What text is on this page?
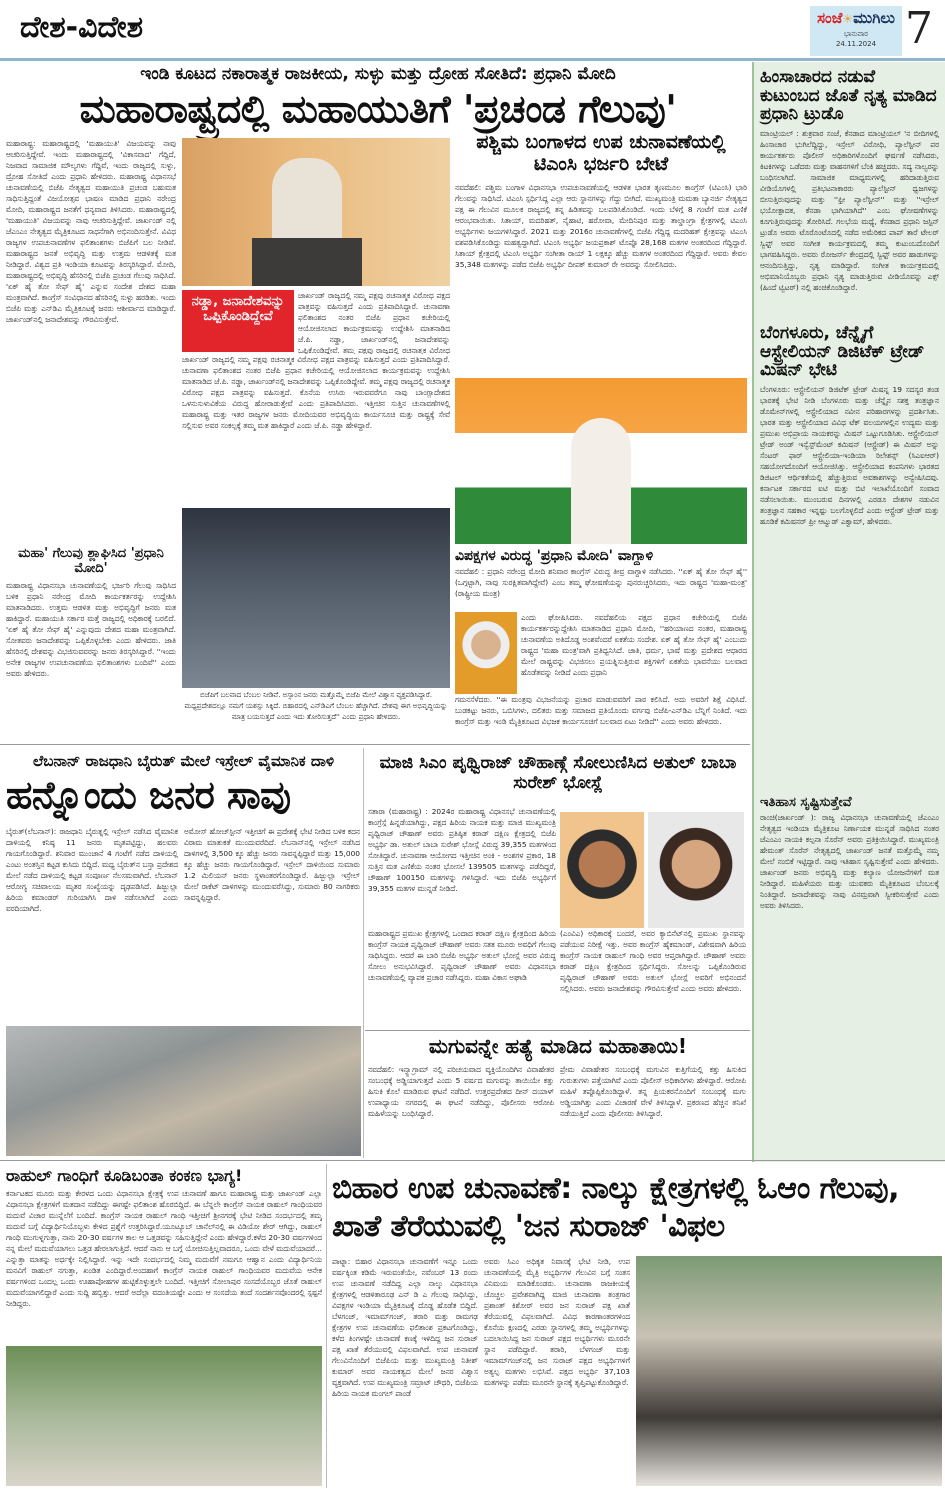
ದೇಶ-ವಿದೇಶ	ಸಂಜೆ☀ಮುಗಿಲು
ಭಾನುವಾರ
24.11.2024 7
ಇಂಡಿ ಕೂಟದ ನಕಾರಾತ್ಮಕ ರಾಜಕೀಯ, ಸುಳ್ಳು ಮತ್ತು ದ್ರೋಹ ಸೋತಿದೆ: ಪ್ರಧಾನಿ ಮೋದಿ
ಮಹಾರಾಷ್ಟ್ರದಲ್ಲಿ ಮಹಾಯುತಿಗೆ 'ಪ್ರಚಂಡ ಗೆಲುವು'
ಮಹಾರಾಷ್ಟ್ರ: ಮಹಾರಾಷ್ಟ್ರದಲ್ಲಿ 'ಮಹಾಯುತಿ' ವಿಜಯವನ್ನು ನಾವು ಆಚರಿಸುತ್ತಿದ್ದೇವೆ. ಇಂದು ಮಹಾರಾಷ್ಟ್ರದಲ್ಲಿ 'ವಿಕಾಸವಾದ' ಗೆದ್ದಿದೆ, ನಿಜವಾದ ಸಾಮಾಜಿಕ ಮೌಲ್ಯಗಳು ಗೆದ್ದಿವೆ, ಇಂದು ರಾಜ್ಯದಲ್ಲಿ ಸುಳ್ಳು, ದ್ರೋಹ ಸೋತಿದೆ ಎಂದು ಪ್ರಧಾನಿ ಹೇಳಿದರು. ಮಹಾರಾಷ್ಟ್ರ ವಿಧಾನಸಭೆ ಚುನಾವಣೆಯಲ್ಲಿ ಬಿಜೆಪಿ ನೇತೃತ್ವದ ಮಹಾಯುತಿ ಪ್ರಚಂಡ ಬಹುಮತ ಸಾಧಿಸುತ್ತಿದ್ದಂತೆ ವಿಜಯೋತ್ಸವ ಭಾಷಣ ಮಾಡಿದ ಪ್ರಧಾನಿ ನರೇಂದ್ರ ಮೋದಿ, ಮಹಾರಾಷ್ಟ್ರದ ಜನತೆಗೆ ಧನ್ಯವಾದ ತಿಳಿಸಿದರು. ಮಹಾರಾಷ್ಟ್ರದಲ್ಲಿ 'ಮಹಾಯುತಿ' ವಿಜಯವನ್ನು ನಾವು ಆಚರಿಸುತ್ತಿದ್ದೇವೆ. ಜಾರ್ಖಂಡ್ ನಲ್ಲಿ ಜೆಎಂಎಂ ನೇತೃತ್ವದ ಮೈತ್ರಿಕೂಟದ ಸಾಧನೆಗಾಗಿ ಅಭಿನಂದಿಸುತ್ತೇನೆ. ವಿವಿಧ ರಾಜ್ಯಗಳ ಉಪಚುನಾವಣೆಗಳ ಫಲಿತಾಂಶಗಳು ಬಿಜೆಪಿಗೆ ಬಲ ನೀಡಿವೆ. ಮಹಾರಾಷ್ಟ್ರದ ಜನತೆ ಅಭಿವೃದ್ಧಿ ಮತ್ತು ಉತ್ತಮ ಆಡಳಿತಕ್ಕೆ ಮತ ನೀಡಿದ್ದಾರೆ. ವಿಶ್ವದ ಪ್ರತಿ ಇಂಡಿಯಾ ಕೂಟವನ್ನು ತಿರಸ್ಕರಿಸಿದ್ದಾರೆ. ಮೋದಿ, ಮಹಾರಾಷ್ಟ್ರದಲ್ಲಿ ಅಭಿವೃದ್ಧಿ ಹೆಸರಿನಲ್ಲಿ ಬಿಜೆಪಿ ಪ್ರಚಂಡ ಗೆಲುವು ಸಾಧಿಸಿದೆ. 'ಏಕ್ ಹೈ ತೋ ಸೇಫ್ ಹೈ' ಎನ್ನುವ ಸಂದೇಶ ದೇಶದ ಮಹಾ ಮಂತ್ರವಾಗಿದೆ. ಕಾಂಗ್ರೆಸ್ ಸಂವಿಧಾನದ ಹೆಸರಿನಲ್ಲಿ ಸುಳ್ಳು ಹರಡಿತು. ಇಂದು ಬಿಜೆಪಿ ಮತ್ತು ಎನ್‌ಡಿಎ ಮೈತ್ರಿಕೂಟಕ್ಕೆ ಜನರು ಆಶೀರ್ವಾದ ಮಾಡಿದ್ದಾರೆ. ಜಾರ್ಖಂಡ್‌ನಲ್ಲಿ ಜನಾದೇಶವನ್ನು ಗೌರವಿಸುತ್ತೇವೆ.
ನಡ್ಡಾ, ಜನಾದೇಶವನ್ನು ಒಪ್ಪಿಕೊಂಡಿದ್ದೇವೆ
ಜಾರ್ಖಂಡ್ ರಾಜ್ಯದಲ್ಲಿ ನಮ್ಮ ಪಕ್ಷವು ರಚನಾತ್ಮಕ ವಿರೋಧ ಪಕ್ಷದ ಪಾತ್ರವನ್ನು ವಹಿಸುತ್ತದೆ ಎಂದು ಪ್ರತಿಪಾದಿಸಿದ್ದಾರೆ. ಚುನಾವಣಾ ಫಲಿತಾಂಶದ ನಂತರ ಬಿಜೆಪಿ ಪ್ರಧಾನ ಕಚೇರಿಯಲ್ಲಿ ಆಯೋಜಿಸಲಾದ ಕಾರ್ಯಕ್ರಮವನ್ನು ಉದ್ದೇಶಿಸಿ ಮಾತನಾಡಿದ ಜೆ.ಪಿ. ನಡ್ಡಾ, ಜಾರ್ಖಂಡ್‌ನಲ್ಲಿ ಜನಾದೇಶವನ್ನು ಒಪ್ಪಿಕೊಂಡಿದ್ದೇವೆ. ತಮ್ಮ ಪಕ್ಷವು ರಾಜ್ಯದಲ್ಲಿ ರಚನಾತ್ಮಕ ವಿರೋಧ
ಜಾರ್ಖಂಡ್ ರಾಜ್ಯದಲ್ಲಿ ನಮ್ಮ ಪಕ್ಷವು ರಚನಾತ್ಮಕ ವಿರೋಧ ಪಕ್ಷದ ಪಾತ್ರವನ್ನು ವಹಿಸುತ್ತದೆ ಎಂದು ಪ್ರತಿಪಾದಿಸಿದ್ದಾರೆ. ಚುನಾವಣಾ ಫಲಿತಾಂಶದ ನಂತರ ಬಿಜೆಪಿ ಪ್ರಧಾನ ಕಚೇರಿಯಲ್ಲಿ ಆಯೋಜಿಸಲಾದ ಕಾರ್ಯಕ್ರಮವನ್ನು ಉದ್ದೇಶಿಸಿ ಮಾತನಾಡಿದ ಜೆ.ಪಿ. ನಡ್ಡಾ, ಜಾರ್ಖಂಡ್‌ನಲ್ಲಿ ಜನಾದೇಶವನ್ನು ಒಪ್ಪಿಕೊಂಡಿದ್ದೇವೆ. ತಮ್ಮ ಪಕ್ಷವು ರಾಜ್ಯದಲ್ಲಿ ರಚನಾತ್ಮಕ ವಿರೋಧ ಪಕ್ಷದ ಪಾತ್ರವನ್ನು ವಹಿಸುತ್ತದೆ. ಕೊನೆಯ ಉಸಿರು ಇರುವವರೆಗೂ ನಾವು ಬಾಂಗ್ಲಾದೇಶದ ಒಳನುಸುಳುವಿಕೆಯ ವಿರುದ್ಧ ಹೋರಾಡುತ್ತೇವೆ ಎಂದು ಪ್ರತಿಪಾದಿಸಿದರು. ಇತ್ತೀಚಿನ ಸುತ್ತಿನ ಚುನಾವಣೆಗಳಲ್ಲಿ ಮಹಾರಾಷ್ಟ್ರ ಮತ್ತು ಇತರ ರಾಜ್ಯಗಳ ಜನರು ಮೋದಿಯವರ ಅಭಿವೃದ್ಧಿಯ ಕಾರ್ಯಸೂಚಿ ಮತ್ತು ರಾಷ್ಟ್ರಕ್ಕೆ ಸೇವೆ ಸಲ್ಲಿಸುವ ಅವರ ಸಂಕಲ್ಪಕ್ಕೆ ತಮ್ಮ ಮತ ಹಾಕಿದ್ದಾರೆ ಎಂದು ಜೆ.ಪಿ. ನಡ್ಡಾ ಹೇಳಿದ್ದಾರೆ.
ಬಿಜೆಪಿಗೆ ಬಲವಾದ ಬೆಂಬಲ ನೀಡಿವೆ. ಅಸ್ಸಾಂನ ಜನರು ಮತ್ತೊಮ್ಮೆ ಬಿಜೆಪಿ ಮೇಲೆ ವಿಶ್ವಾಸ ವ್ಯಕ್ತಪಡಿಸಿದ್ದಾರೆ. ಮಧ್ಯಪ್ರದೇಶದಲ್ಲೂ ನಮಗೆ ಯಶಸ್ಸು ಸಿಕ್ಕಿದೆ. ಬಿಹಾರದಲ್ಲಿ ಎನ್‌ಡಿಎಗೆ ಬೆಂಬಲ ಹೆಚ್ಚಾಗಿದೆ. ದೇಶವು ಈಗ ಅಭಿವೃದ್ಧಿಯನ್ನು ಮಾತ್ರ ಬಯಸುತ್ತದೆ ಎಂದು ಇದು ತೋರಿಸುತ್ತದೆ'' ಎಂದು ಪ್ರಧಾನಿ ಹೇಳಿದರು.
ಮಹಾ' ಗೆಲುವು ಶ್ಲಾಘಿಸಿದ 'ಪ್ರಧಾನಿ ಮೋದಿ'
ಮಹಾರಾಷ್ಟ್ರ ವಿಧಾನಸಭಾ ಚುನಾವಣೆಯಲ್ಲಿ ಭರ್ಜರಿ ಗೆಲುವು ಸಾಧಿಸಿದ ಬಳಿಕ ಪ್ರಧಾನಿ ನರೇಂದ್ರ ಮೋದಿ ಕಾರ್ಯಕರ್ತರನ್ನು ಉದ್ದೇಶಿಸಿ ಮಾತನಾಡಿದರು. ಉತ್ತಮ ಆಡಳಿತ ಮತ್ತು ಅಭಿವೃದ್ಧಿಗೆ ಜನರು ಮತ ಹಾಕಿದ್ದಾರೆ. ಮಹಾಯುತಿ ಸರ್ಕಾರ ಮತ್ತೆ ರಾಜ್ಯದಲ್ಲಿ ಅಧಿಕಾರಕ್ಕೆ ಬರಲಿದೆ. 'ಏಕ್ ಹೈ ತೋ ಸೇಫ್ ಹೈ' ಎನ್ನುವುದು ದೇಶದ ಮಹಾ ಮಂತ್ರವಾಗಿದೆ. ಸೋತವರು ಜನಾದೇಶವನ್ನು ಒಪ್ಪಿಕೊಳ್ಳಬೇಕು ಎಂದು ಹೇಳಿದರು. ಜಾತಿ ಹೆಸರಿನಲ್ಲಿ ದೇಶವನ್ನು ವಿಭಜಿಸುವವರನ್ನು ಜನರು ತಿರಸ್ಕರಿಸಿದ್ದಾರೆ. ''ಇಂದು ಅನೇಕ ರಾಜ್ಯಗಳ ಉಪಚುನಾವಣೆಯ ಫಲಿತಾಂಶಗಳು ಬಂದಿವೆ'' ಎಂದು ಅವರು ಹೇಳಿದರು.
ಪಶ್ಚಿಮ ಬಂಗಾಳದ ಉಪ ಚುನಾವಣೆಯಲ್ಲಿ ಟಿಎಂಸಿ ಭರ್ಜರಿ ಬೇಟೆ
ನವದೆಹಲಿ: ಪಶ್ಚಿಮ ಬಂಗಾಳ ವಿಧಾನಸಭಾ ಉಪಚುನಾವಣೆಯಲ್ಲಿ ಆಡಳಿತ ಭಾರತ ತೃಣಮೂಲ ಕಾಂಗ್ರೆಸ್ (ಟಿಎಂಸಿ) ಭಾರಿ ಗೆಲುವನ್ನು ಸಾಧಿಸಿದೆ. ಟಿಎಂಸಿ ಸ್ಪರ್ಧಿಸಿದ್ದ ಎಲ್ಲಾ ಆರು ಸ್ಥಾನಗಳನ್ನು ಗೆದ್ದು ಬೀಗಿದೆ. ಮುಖ್ಯಮಂತ್ರಿ ಮಮತಾ ಬ್ಯಾನರ್ಜಿ ನೇತೃತ್ವದ ಪಕ್ಷ ಈ ಗೆಲುವಿನ ಮೂಲಕ ರಾಜ್ಯದಲ್ಲಿ ತನ್ನ ಹಿಡಿತವನ್ನು ಬಲಪಡಿಸಿಕೊಂಡಿದೆ. ಇಂದು ಬೆಳಿಗ್ಗೆ 8 ಗಂಟೆಗೆ ಮತ ಎಣಿಕೆ ಆರಂಭವಾಯಿತು. ಸಿತಾಯ್, ಮದರಿಹತ್, ನೈಹಾಟಿ, ಹರೋವಾ, ಮೇದಿನಿಪುರ ಮತ್ತು ತಾಲ್ಡಾಂಗ್ರಾ ಕ್ಷೇತ್ರಗಳಲ್ಲಿ ಟಿಎಂಸಿ ಅಭ್ಯರ್ಥಿಗಳು ಜಯಗಳಿಸಿದ್ದಾರೆ. 2021 ಮತ್ತು 2016ರ ಚುನಾವಣೆಗಳಲ್ಲಿ ಬಿಜೆಪಿ ಗೆದ್ದಿದ್ದ ಮದರಿಹತ್ ಕ್ಷೇತ್ರವನ್ನು ಟಿಎಂಸಿ ವಶಪಡಿಸಿಕೊಂಡಿದ್ದು ಮಹತ್ವದ್ದಾಗಿದೆ. ಟಿಎಂಸಿ ಅಭ್ಯರ್ಥಿ ಜಯಪ್ರಕಾಶ್ ಟೊಪ್ಪೊ 28,168 ಮತಗಳ ಅಂತರದಿಂದ ಗೆದ್ದಿದ್ದಾರೆ. ಸಿತಾಯ್ ಕ್ಷೇತ್ರದಲ್ಲಿ ಟಿಎಂಸಿ ಅಭ್ಯರ್ಥಿ ಸಂಗೀತಾ ರಾಯ್ 1 ಲಕ್ಷಕ್ಕೂ ಹೆಚ್ಚು ಮತಗಳ ಅಂತರದಿಂದ ಗೆದ್ದಿದ್ದಾರೆ. ಅವರು ಕೇವಲ 35,348 ಮತಗಳನ್ನು ಪಡೆದ ಬಿಜೆಪಿ ಅಭ್ಯರ್ಥಿ ದೀಪಕ್ ಕುಮಾರ್ ರೇ ಅವರನ್ನು ಸೋಲಿಸಿದರು.
ವಿಪಕ್ಷಗಳ ವಿರುದ್ಧ 'ಪ್ರಧಾನಿ ಮೋದಿ' ವಾಗ್ದಾಳಿ
ನವದೆಹಲಿ : ಪ್ರಧಾನಿ ನರೇಂದ್ರ ಮೋದಿ ಶನಿವಾರ ಕಾಂಗ್ರೆಸ್ ವಿರುದ್ಧ ತೀವ್ರ ವಾಗ್ದಾಳಿ ನಡೆಸಿದರು. ''ಏಕ್ ಹೈ ತೋ ಸೇಫ್ ಹೈ'' (ಒಗ್ಗಟ್ಟಾಗಿ, ನಾವು ಸುರಕ್ಷಿತವಾಗಿದ್ದೇವೆ) ಎಂಬ ತಮ್ಮ ಘೋಷಣೆಯನ್ನು ಪುನರುಚ್ಚರಿಸಿದರು, ಇದು ರಾಷ್ಟ್ರದ 'ಮಹಾ-ಮಂತ್ರ' (ರಾಷ್ಟ್ರೀಯ ಮಂತ್ರ)
ಎಂದು ಘೋಷಿಸಿದರು. ನವದೆಹಲಿಯ ಪಕ್ಷದ ಪ್ರಧಾನ ಕಚೇರಿಯಲ್ಲಿ ಬಿಜೆಪಿ ಕಾರ್ಯಕರ್ತರನ್ನುದ್ದೇಶಿಸಿ ಮಾತನಾಡಿದ ಪ್ರಧಾನಿ ಮೋದಿ, ''ಹರಿಯಾಣದ ನಂತರ, ಮಹಾರಾಷ್ಟ್ರ ಚುನಾವಣೆಯ ಅತಿದೊಡ್ಡ ಅಂಶವೆಂದರೆ ಏಕತೆಯ ಸಂದೇಶ. ಏಕ್ ಹೈ ತೋ ಸೇಫ್ ಹೈ' ಎಂಬುದು ರಾಷ್ಟ್ರದ 'ಮಹಾ ಮಂತ್ರ'ವಾಗಿ ಪ್ರತಿಧ್ವನಿಸಿದೆ. ಜಾತಿ, ಧರ್ಮ, ಭಾಷೆ ಮತ್ತು ಪ್ರದೇಶದ ಆಧಾರದ ಮೇಲೆ ರಾಷ್ಟ್ರವನ್ನು ವಿಭಜಿಸಲು ಪ್ರಯತ್ನಿಸುತ್ತಿರುವ ಶಕ್ತಿಗಳಿಗೆ ಏಕತೆಯ ಭಾವನೆಯು ಬಲವಾದ ಹೊಡೆತವನ್ನು ನೀಡಿದೆ ಎಂದು ಪ್ರಧಾನಿ
ಗಮನಸೆಳೆದರು. ''ಈ ಮಂತ್ರವು ವಿಭಜನೆಯನ್ನು ಪ್ರಚಾರ ಮಾಡುವವರಿಗೆ ಪಾಠ ಕಲಿಸಿದೆ. ಅದು ಅವರಿಗೆ ಶಿಕ್ಷೆ ವಿಧಿಸಿದೆ. ಬುಡಕಟ್ಟು ಜನರು, ಒಬಿಸಿಗಳು, ದಲಿತರು ಮತ್ತು ಸಮಾಜದ ಪ್ರತಿಯೊಂದು ವರ್ಗವು ಬಿಜೆಪಿ-ಎನ್‌ಡಿಎ ಬೆನ್ನಿಗೆ ನಿಂತಿದೆ. ಇದು ಕಾಂಗ್ರೆಸ್ ಮತ್ತು ಇಂಡಿ ಮೈತ್ರಿಕೂಟದ ವಿಭಜಕ ಕಾರ್ಯಸೂಚಿಗೆ ಬಲವಾದ ಏಟು ನೀಡಿದೆ'' ಎಂದು ಅವರು ಹೇಳಿದರು.
ಹಿಂಸಾಚಾರದ ನಡುವೆ ಕುಟುಂಬದ ಜೊತೆ ನೃತ್ಯ ಮಾಡಿದ ಪ್ರಧಾನಿ ಟ್ರುಡೊ
ಮಾಂಟ್ರಿಯಲ್ : ಶುಕ್ರವಾರ ಸಂಜೆ, ಕೆನಡಾದ ಮಾಂಟ್ರಿಯಲ್ 'ನ ಬೀದಿಗಳಲ್ಲಿ ಹಿಂಸಾಚಾರ ಭುಗಿಲೆದ್ದಿದ್ದು, ಇಸ್ರೇಲ್ ವಿರೋಧಿ, ಪ್ಯಾಲೆಸ್ಟೀನ್ ಪರ ಕಾರ್ಯಕರ್ತರು ಪೊಲೀಸ್ ಅಧಿಕಾರಿಗಳೊಂದಿಗೆ ಘರ್ಷಣೆ ನಡೆಸಿದರು, ಕಿಟಕಿಗಳನ್ನು ಒಡೆದರು ಮತ್ತು ವಾಹನಗಳಿಗೆ ಬೆಂಕಿ ಹಚ್ಚಿದರು. ಸದ್ಯ ನಾಲ್ವರನ್ನು ಬಂಧಿಸಲಾಗಿದೆ. ಸಾಮಾಜಿಕ ಮಾಧ್ಯಮಗಳಲ್ಲಿ ಹರಿದಾಡುತ್ತಿರುವ ವೀಡಿಯೊಗಳಲ್ಲಿ ಪ್ರತಿಭಟನಾಕಾರರು ಪ್ಯಾಲೆಸ್ಟೀನ್ ಧ್ವಜಗಳನ್ನು ಬೀಸುತ್ತಿರುವುದನ್ನು ಮತ್ತು ''ಫ್ರೀ ಪ್ಯಾಲೆಸ್ಟೀನ್'' ಮತ್ತು ''ಇಸ್ರೇಲ್ ಭಯೋತ್ಪಾದಕ, ಕೆನಡಾ ಭಾಗಿಯಾಗಿದೆ'' ಎಂಬ ಘೋಷಣೆಗಳನ್ನು ಕೂಗುತ್ತಿರುವುದನ್ನು ತೋರಿಸಿದೆ. ಗಲಭೆಯ ಮಧ್ಯೆ, ಕೆನಡಾದ ಪ್ರಧಾನಿ ಜಸ್ಟಿನ್ ಟ್ರುಡೊ ಅವರು ಟೊರೊಂಟೊದಲ್ಲಿ ನಡೆದ ಅಮೆರಿಕದ ಪಾಪ್ ತಾರೆ ಟೇಲರ್ ಸ್ವಿಫ್ಟ್ ಅವರ ಸಂಗೀತ ಕಾರ್ಯಕ್ರಮದಲ್ಲಿ ತಮ್ಮ ಕುಟುಂಬದೊಂದಿಗೆ ಭಾಗವಹಿಸಿದ್ದರು. ಅವರು ರೋಜರ್ಸ್ ಕೇಂದ್ರದಲ್ಲಿ ಸ್ವಿಫ್ಟ್ ಅವರ ಹಾಡುಗಳನ್ನು ಆನಂದಿಸುತ್ತಿದ್ದು, ನೃತ್ಯ ಮಾಡಿದ್ದಾರೆ. ಸಂಗೀತ ಕಾರ್ಯಕ್ರಮದಲ್ಲಿ ಅಭಿಮಾನಿಯೊಬ್ಬರು ಪ್ರಧಾನಿ ನೃತ್ಯ ಮಾಡುತ್ತಿರುವ ವೀಡಿಯೊವನ್ನು ಎಕ್ಸ್ (ಹಿಂದೆ ಟ್ವಿಟರ್) ನಲ್ಲಿ ಹಂಚಿಕೊಂಡಿದ್ದಾರೆ.
ಬೆಂಗಳೂರು, ಚೆನ್ನೈಗೆ ಆಸ್ಟ್ರೇಲಿಯನ್ ಡಿಜಿಟೆಕ್ ಟ್ರೇಡ್ ಮಿಷನ್ ಭೇಟಿ
ಬೆಂಗಳೂರು: ಆಸ್ಟ್ರೇಲಿಯನ್ ಡಿಜಿಟೆಕ್ ಟ್ರೇಡ್ ಮಿಷನ್ನ 19 ಸದಸ್ಯರ ತಂಡ ಭಾರತಕ್ಕೆ ಭೇಟಿ ನೀಡಿ ಬೆಂಗಳೂರು ಮತ್ತು ಚೆನ್ನೈನ ಸಶಕ್ತ ತಂತ್ರಜ್ಞಾನ ಡೊಮೇನ್‌ಗಳಲ್ಲಿ ಆಸ್ಟ್ರೇಲಿಯಾದ ನವೀನ ಪರಿಹಾರಗಳನ್ನು ಪ್ರದರ್ಶಿಸಿತು. ಭಾರತ ಮತ್ತು ಆಸ್ಟ್ರೇಲಿಯಾದ ವಿವಿಧ ಟೆಕ್ ವಲಯಗಳಲ್ಲಿನ ಉದ್ಯಮ ಮತ್ತು ಪ್ರಮುಖ ಅಭಿಪ್ರಾಯ ನಾಯಕರನ್ನು ಮಿಷನ್ ಒಟ್ಟುಗೂಡಿಸಿತು. ಆಸ್ಟ್ರೇಲಿಯನ್ ಟ್ರೇಡ್ ಅಂಡ್ ಇನ್ವೆಸ್ಟ್‌ಮೆಂಟ್ ಕಮಿಷನ್ (ಆಸ್ಟ್ರೇಡ್) ಈ ಮಿಷನ್ ಅನ್ನು ಸೆಂಟರ್ ಫಾರ್ ಆಸ್ಟ್ರೇಲಿಯಾ-ಇಂಡಿಯಾ ರಿಲೇಶನ್ಸ್ (ಸಿಎಐಆರ್) ಸಹಯೋಗದೊಂದಿಗೆ ಆಯೋಜಿಸಿತ್ತು. ಆಸ್ಟ್ರೇಲಿಯಾದ ಕಂಪನಿಗಳು ಭಾರತದ ಡಿಜಿಟಲ್ ಆರ್ಥಿಕತೆಯಲ್ಲಿ ಹೆಚ್ಚುತ್ತಿರುವ ಅವಕಾಶಗಳನ್ನು ಅನ್ವೇಷಿಸಿದವು. ಕರ್ನಾಟಕ ಸರ್ಕಾರದ ಐಟಿ ಮತ್ತು ಬಿಟಿ ಇಲಾಖೆಯೊಂದಿಗೆ ಸಂವಾದ ನಡೆಸಲಾಯಿತು. ಮುಂಬರುವ ದಿನಗಳಲ್ಲಿ ಎರಡೂ ದೇಶಗಳ ನಡುವಿನ ತಂತ್ರಜ್ಞಾನ ಸಹಕಾರ ಇನ್ನಷ್ಟು ಬಲಗೊಳ್ಳಲಿದೆ ಎಂದು ಆಸ್ಟ್ರೇಡ್ ಟ್ರೇಡ್ ಮತ್ತು ಹೂಡಿಕೆ ಕಮಿಷನರ್ ಪ್ರೀ ಆಟ್ವುಡ್ ಎಕ್ವಾಮ್, ಹೇಳಿದರು.
ಇತಿಹಾಸ ಸೃಷ್ಟಿಸುತ್ತೇವೆ
ರಾಂಚಿ(ಜಾರ್ಖಂಡ್ ): ರಾಜ್ಯ ವಿಧಾನಸಭಾ ಚುನಾವಣೆಯಲ್ಲಿ ಜೆಎಂಎಂ ನೇತೃತ್ವದ ಇಂಡಿಯಾ ಮೈತ್ರಿಕೂಟ ನಿರ್ಣಾಯಕ ಮುನ್ನಡೆ ಸಾಧಿಸಿದ ನಂತರ ಜೆಎಂಎಂ ನಾಯಕಿ ಕಲ್ಪನಾ ಸೊರೆನ್ ಅವರು ಪ್ರತಿಕ್ರಿಯಿಸಿದ್ದಾರೆ. ಮುಖ್ಯಮಂತ್ರಿ ಹೇಮಂತ್ ಸೊರೆನ್ ನೇತೃತ್ವದಲ್ಲಿ ಜಾರ್ಖಂಡ್ ಜನತೆ ಮತ್ತೊಮ್ಮೆ ನಮ್ಮ ಮೇಲೆ ನಂಬಿಕೆ ಇಟ್ಟಿದ್ದಾರೆ. ನಾವು ಇತಿಹಾಸ ಸೃಷ್ಟಿಸುತ್ತೇವೆ ಎಂದು ಹೇಳಿದರು. ಜಾರ್ಖಂಡ್ ಜನರು ಅಭಿವೃದ್ಧಿ ಮತ್ತು ಕಲ್ಯಾಣ ಯೋಜನೆಗಳಿಗೆ ಮತ ನೀಡಿದ್ದಾರೆ. ಮಹಿಳೆಯರು ಮತ್ತು ಯುವಕರು ಮೈತ್ರಿಕೂಟದ ಬೆಂಬಲಕ್ಕೆ ನಿಂತಿದ್ದಾರೆ. ಜನಾದೇಶವನ್ನು ನಾವು ವಿನಮ್ರವಾಗಿ ಸ್ವೀಕರಿಸುತ್ತೇವೆ ಎಂದು ಅವರು ತಿಳಿಸಿದರು.
ಲೆಬನಾನ್ ರಾಜಧಾನಿ ಬೈರುತ್ ಮೇಲೆ ಇಸ್ರೇಲ್ ವೈಮಾನಿಕ ದಾಳಿ
ಹನ್ನೊಂದು ಜನರ ಸಾವು
ಬೈರುತ್(ಲೆಬನಾನ್): ರಾಜಧಾನಿ ಬೈರುತ್ನಲ್ಲಿ ಇಸ್ರೇಲ್ ನಡೆಸಿದ ವೈಮಾನಿಕ ದಾಳಿಯಲ್ಲಿ ಕನಿಷ್ಠ 11 ಜನರು ಮೃತಪಟ್ಟಿದ್ದು, ಹಲವರು ಗಾಯಗೊಂಡಿದ್ದಾರೆ. ಶನಿವಾರ ಮುಂಜಾನೆ 4 ಗಂಟೆಗೆ ನಡೆದ ದಾಳಿಯಲ್ಲಿ ಎಂಟು ಅಂತಸ್ತಿನ ಕಟ್ಟಡ ಕುಸಿದು ಬಿದ್ದಿದೆ. ಮಧ್ಯ ಬೈರುತ್‌ನ ಬಸ್ತಾ ಪ್ರದೇಶದ ಮೇಲೆ ನಡೆದ ದಾಳಿಯಲ್ಲಿ ಕಟ್ಟಡ ಸಂಪೂರ್ಣ ನೆಲಸಮವಾಗಿದೆ. ಲೆಬನಾನ್ ಆರೋಗ್ಯ ಸಚಿವಾಲಯ ಮೃತರ ಸಂಖ್ಯೆಯನ್ನು ದೃಢಪಡಿಸಿದೆ. ಹಿಜ್ಬುಲ್ಲಾ ಹಿರಿಯ ಕಮಾಂಡರ್ ಗುರಿಯಾಗಿಸಿ ದಾಳಿ ನಡೆಸಲಾಗಿದೆ ಎಂದು ವರದಿಯಾಗಿದೆ.
ಅಮೋಸ್ ಹೋಚ್‌ಸ್ಟೀನ್ ಇತ್ತೀಚಿಗೆ ಈ ಪ್ರದೇಶಕ್ಕೆ ಭೇಟಿ ನೀಡಿದ ಬಳಿಕ ಕದನ ವಿರಾಮ ಮಾತುಕತೆ ಮುಂದುವರೆದಿದೆ. ಲೆಬನಾನ್‌ನಲ್ಲಿ ಇಸ್ರೇಲ್ ನಡೆಸಿದ ದಾಳಿಗಳಲ್ಲಿ 3,500 ಕ್ಕೂ ಹೆಚ್ಚು ಜನರು ಸಾವನ್ನಪ್ಪಿದ್ದಾರೆ ಮತ್ತು 15,000 ಕ್ಕೂ ಹೆಚ್ಚು ಜನರು ಗಾಯಗೊಂಡಿದ್ದಾರೆ. ಇಸ್ರೇಲ್ ದಾಳಿಯಿಂದ ಸುಮಾರು 1.2 ಮಿಲಿಯನ್ ಜನರು ಸ್ಥಳಾಂತರಗೊಂಡಿದ್ದಾರೆ. ಹಿಜ್ಬುಲ್ಲಾ ಇಸ್ರೇಲ್ ಮೇಲೆ ರಾಕೆಟ್ ದಾಳಿಗಳನ್ನು ಮುಂದುವರೆಸಿದ್ದು, ಸುಮಾರು 80 ನಾಗರಿಕರು ಸಾವನ್ನಪ್ಪಿದ್ದಾರೆ.
ಮಾಜಿ ಸಿಎಂ ಪೃಥ್ವಿರಾಜ್ ಚೌಹಾಣ್ಗೆ ಸೋಲುಣಿಸಿದ ಅತುಲ್ ಬಾಬಾ ಸುರೇಶ್ ಭೋಸ್ಲೆ
ಸತಾರಾ (ಮಹಾರಾಷ್ಟ್ರ) : 2024ರ ಮಹಾರಾಷ್ಟ್ರ ವಿಧಾನಸಭೆ ಚುನಾವಣೆಯಲ್ಲಿ ಕಾಂಗ್ರೆಸ್ಗೆ ಹಿನ್ನಡೆಯಾಗಿದ್ದು, ಪಕ್ಷದ ಹಿರಿಯ ನಾಯಕ ಮತ್ತು ಮಾಜಿ ಮುಖ್ಯಮಂತ್ರಿ ಪೃಥ್ವಿರಾಜ್ ಚೌಹಾಣ್ ಅವರು ಪ್ರತಿಷ್ಠಿತ ಕರಾಡ್ ದಕ್ಷಿಣ ಕ್ಷೇತ್ರದಲ್ಲಿ ಬಿಜೆಪಿ ಅಭ್ಯರ್ಥಿ ಡಾ. ಅತುಲ್ ಬಾಬಾ ಸುರೇಶ್ ಭೋಸ್ಲೆ ವಿರುದ್ಧ 39,355 ಮತಗಳಿಂದ ಸೋತಿದ್ದಾರೆ. ಚುನಾವಣಾ ಆಯೋಗದ ಇತ್ತೀಚಿನ ಅಂಕಿ - ಅಂಶಗಳ ಪ್ರಕಾರ, 18 ಸುತ್ತಿನ ಮತ ಎಣಿಕೆಯ ನಂತರ ಭೋಸಲೆ 139505 ಮತಗಳನ್ನು ಪಡೆದಿದ್ದರೆ, ಚೌಹಾಣ್ 100150 ಮತಗಳನ್ನು ಗಳಿಸಿದ್ದಾರೆ. ಇದು ಬಿಜೆಪಿ ಅಭ್ಯರ್ಥಿಗೆ 39,355 ಮತಗಳ ಮುನ್ನಡೆ ನೀಡಿದೆ.
ಮಹಾರಾಷ್ಟ್ರದ ಪ್ರಮುಖ ಕ್ಷೇತ್ರಗಳಲ್ಲಿ ಒಂದಾದ ಕರಾಡ್ ದಕ್ಷಿಣ ಕ್ಷೇತ್ರದಿಂದ ಹಿರಿಯ ಕಾಂಗ್ರೆಸ್ ನಾಯಕ ಪೃಥ್ವಿರಾಜ್ ಚೌಹಾಣ್ ಅವರು ಸತತ ಮೂರು ಅವಧಿಗೆ ಗೆಲುವು ಸಾಧಿಸಿದ್ದರು. ಆದರೆ ಈ ಬಾರಿ ಬಿಜೆಪಿ ಅಭ್ಯರ್ಥಿ ಅತುಲ್ ಭೋಸ್ಲೆ ಅವರ ವಿರುದ್ಧ ಸೋಲು ಅನುಭವಿಸಿದ್ದಾರೆ. ಪೃಥ್ವಿರಾಜ್ ಚೌಹಾಣ್ ಅವರು ವಿಧಾನಸಭಾ ಚುನಾವಣೆಯಲ್ಲಿ ವ್ಯಾಪಕ ಪ್ರಚಾರ ನಡೆಸಿದ್ದರು. ಮಹಾ ವಿಕಾಸ ಅಘಾಡಿ
(ಎಂವಿಎ) ಅಧಿಕಾರಕ್ಕೆ ಬಂದರೆ, ಅವರ ಕ್ಯಾಬಿನೆಟ್‌ನಲ್ಲಿ ಪ್ರಮುಖ ಸ್ಥಾನವನ್ನು ಪಡೆಯುವ ನಿರೀಕ್ಷೆ ಇತ್ತು. ಅವರ ಕಾಂಗ್ರೆಸ್ ಹೈಕಮಾಂಡ್, ವಿಶೇಷವಾಗಿ ಹಿರಿಯ ಕಾಂಗ್ರೆಸ್ ನಾಯಕ ರಾಹುಲ್ ಗಾಂಧಿ ಅವರ ಆಪ್ತರಾಗಿದ್ದಾರೆ. ಚೌಹಾಣ್ ಅವರು ಕರಾಡ್ ದಕ್ಷಿಣ ಕ್ಷೇತ್ರದಿಂದ ಸ್ಪರ್ಧಿಸಿದ್ದರು. ಸೋಲನ್ನು ಒಪ್ಪಿಕೊಂಡಿರುವ ಪೃಥ್ವಿರಾಜ್ ಚೌಹಾಣ್ ಅವರು ಅತುಲ್ ಭೋಸ್ಲೆ ಅವರಿಗೆ ಅಭಿನಂದನೆ ಸಲ್ಲಿಸಿದರು. ಅವರು ಜನಾದೇಶವನ್ನು ಗೌರವಿಸುತ್ತೇವೆ ಎಂದು ಅವರು ಹೇಳಿದರು.
ಮಗುವನ್ನೇ ಹತ್ಯೆ ಮಾಡಿದ ಮಹಾತಾಯಿ!
ನವದೆಹಲಿ: ಇನ್ಸ್ಟಾಗ್ರಾಮ್ ನಲ್ಲಿ ಪರಿಚಯವಾದ ವ್ಯಕ್ತಿಯೊಂದಿಗಿನ ವಿವಾಹೇತರ ಸಂಬಂಧಕ್ಕೆ ಅಡ್ಡಿಯಾಗುತ್ತದೆ ಎಂದು 5 ವರ್ಷದ ಮಗುವನ್ನು ತಾಯಿಯೇ ಕತ್ತು ಹಿಸುಕಿ ಕೊಲೆ ಮಾಡಿರುವ ಘಟನೆ ನಡೆದಿದೆ. ಉತ್ತರಪ್ರದೇಶದ ದೀನ್ ದಯಾಳ್ ಉಪಾಧ್ಯಾಯ ನಗರದಲ್ಲಿ ಈ ಘಟನೆ ನಡೆದಿದ್ದು, ಪೊಲೀಸರು ಆರೋಪಿ ಮಹಿಳೆಯನ್ನು ಬಂಧಿಸಿದ್ದಾರೆ.
ಪ್ರೇಮ ವಿವಾಹೇತರ ಸಂಬಂಧಕ್ಕೆ ಮಗುವಿನ ಕುತ್ತಿಗೆಯಲ್ಲಿ ಕತ್ತು ಹಿಸುಕಿದ ಗುರುತುಗಳು ಪತ್ತೆಯಾಗಿವೆ ಎಂದು ಪೊಲೀಸ್ ಅಧಿಕಾರಿಗಳು ಹೇಳಿದ್ದಾರೆ. ಆರೋಪಿ ಮಹಿಳೆ ತಪ್ಪೊಪ್ಪಿಕೊಂಡಿದ್ದಾಳೆ. ತನ್ನ ಪ್ರಿಯಕರನೊಂದಿಗೆ ಸಂಬಂಧಕ್ಕೆ ಮಗು ಅಡ್ಡಿಯಾಗಿತ್ತು ಎಂದು ವಿಚಾರಣೆ ವೇಳೆ ತಿಳಿಸಿದ್ದಾಳೆ. ಪ್ರಕರಣದ ಹೆಚ್ಚಿನ ತನಿಖೆ ನಡೆಯುತ್ತಿದೆ ಎಂದು ಪೊಲೀಸರು ತಿಳಿಸಿದ್ದಾರೆ.
ರಾಹುಲ್ ಗಾಂಧಿಗೆ ಕೂಡಿಬಂತಾ ಕಂಕಣ ಭಾಗ್ಯ!
ಕರ್ನಾಟಕದ ಮೂರು ಮತ್ತು ಕೇರಳದ ಒಂದು ವಿಧಾನಸಭಾ ಕ್ಷೇತ್ರಕ್ಕೆ ಉಪ ಚುನಾವಣೆ ಹಾಗೂ ಮಹಾರಾಷ್ಟ್ರ ಮತ್ತು ಜಾರ್ಖಂಡ್ ಎಲ್ಲಾ ವಿಧಾನಸಭಾ ಕ್ಷೇತ್ರಗಳಿಗೆ ಮತದಾನ ನಡೆದಿದ್ದು ಈಗಷ್ಟೇ ಫಲಿತಾಂಶ ಹೊರಬಿದ್ದಿದೆ. ಈ ಬೆನ್ನಲೇ ಕಾಂಗ್ರೆಸ್ ನಾಯಕ ರಾಹುಲ್ ಗಾಂಧಿಯವರ ಮದುವೆ ವಿಚಾರ ಮುನ್ನೆಲೆಗೆ ಬಂದಿದೆ. ಕಾಂಗ್ರೆಸ್ ನಾಯಕ ರಾಹುಲ್ ಗಾಂಧಿ ಇತ್ತೀಚಿಗೆ ಶ್ರೀನಗರಕ್ಕೆ ಭೇಟಿ ನೀಡಿದ ಸಂದರ್ಭದಲ್ಲಿ ತಮ್ಮ ಮದುವೆ ಬಗ್ಗೆ ವಿದ್ಯಾರ್ಥಿನಿಯೊಬ್ಬಳು ಕೇಳಿದ ಪ್ರಶ್ನೆಗೆ ಉತ್ತರಿಸಿದ್ದಾರೆ.ಯೂಟ್ಯೂಬ್ ಚಾನೆಲ್‌ನಲ್ಲಿ ಈ ವಿಡಿಯೋ ಶೇರ್ ಆಗಿದ್ದು, ರಾಹುಲ್ ಗಾಂಧಿ ಮುಗುಳ್ನಗುತ್ತಾ, ನಾನು 20-30 ವರ್ಷಗಳ ಕಾಲ ಆ ಒತ್ತಡವನ್ನು ಸಹಿಸುತ್ತಿದ್ದೇನೆ ಎಂದು ಹೇಳಿದ್ದಾರೆ.ಕಳೆದ 20-30 ವರ್ಷಗಳಿಂದ ನನ್ನ ಮೇಲೆ ಮದುವೆಯಾಗಲು ಒತ್ತಡ ಹೇರಲಾಗುತ್ತಿದೆ. ಆದರೆ ನಾನು ಆ ಬಗ್ಗೆ ಯೋಚಿಸುತ್ತಿಲ್ಲವಾದರೂ, ಒಂದು ವೇಳೆ ಮದುವೆಯಾದರೆ... ಎನ್ನುತ್ತಾ ಮಾತನ್ನು ಅರ್ಧಕ್ಕೇ ನಿಲ್ಲಿಸಿದ್ದಾರೆ. ಇನ್ನು ಇದೇ ಸಂದರ್ಭದಲ್ಲಿ ನಿಮ್ಮ ಮದುವೆಗೆ ನಮಗೂ ಆಹ್ವಾನ ಎಂದು ವಿದ್ಯಾರ್ಥಿನಿಯ ಮನವಿಗೆ ರಾಹುಲ್ ನಗುತ್ತಾ, ಖಂಡಿತ ಎಂದಿದ್ದಾರೆ.ಅಂದಹಾಗೆ ಕಾಂಗ್ರೆಸ್ ನಾಯಕ ರಾಹುಲ್ ಗಾಂಧಿಯವರ ಮದುವೆಯ ಆನೇಕ ವರ್ಷಗಳಿಂದ ಒಂದಲ್ಲ ಒಂದು ಊಹಾಪೋಹಗಳ ಹುಟ್ಟಿಕೊಳ್ಳುತ್ತಲೇ ಬಂದಿದೆ. ಇತ್ತೀಚಿಗೆ ಸೋಲಾಪುರ ಸಂಸದೆಯೊಬ್ಬರ ಜೊತೆ ರಾಹುಲ್ ಮದುವೆಯಾಗಲಿದ್ದಾರೆ ಎಂದು ಸುದ್ದಿ ಹಬ್ಬಿತ್ತು. ಆದರೆ ಅದೆಲ್ಲಾ ವದಂತಿಯಷ್ಟೇ ಎಂದು ಆ ಸಂಸದೆಯ ತಂದೆ ಸಂದರ್ಶನವೊಂದರಲ್ಲಿ ಸ್ಪಷ್ಟನೆ ನೀಡಿದ್ದರು.
ಬಿಹಾರ ಉಪ ಚುನಾವಣೆ: ನಾಲ್ಕು ಕ್ಷೇತ್ರಗಳಲ್ಲಿ ಓಆಂ ಗೆಲುವು, ಖಾತೆ ತೆರೆಯುವಲ್ಲಿ 'ಜನ ಸುರಾಜ್ 'ವಿಫಲ
ಪಾಟ್ನಾ: ಬಿಹಾರ ವಿಧಾನಸಭಾ ಚುನಾವಣೆಗೆ ಇನ್ನೂ ಒಂದು ವರ್ಷಕ್ಕಿಂತ ಕಡಿಮೆ ಇರುವಂತೆಯೇ, ನವೆಂಬರ್ 13 ರಂದು ಉಪ ಚುನಾವಣೆ ನಡೆದಿದ್ದ ಎಲ್ಲಾ ನಾಲ್ಕು ವಿಧಾನಸಭಾ ಕ್ಷೇತ್ರಗಳಲ್ಲಿ ಆಡಳಿತಾರೂಢ ಎನ್ ಡಿ ಎ ಗೆಲುವು ಸಾಧಿಸಿದ್ದು, ವಿಪಕ್ಷಗಳ ಇಂಡಿಯಾ ಮೈತ್ರಿಕೂಟಕ್ಕೆ ದೊಡ್ಡ ಹೊಡೆತ ಬಿದ್ದಿದೆ. ಬೆಳಗಂಜ್, ಇಮಾಮ್‌ಗಂಜ್, ತರಾರಿ ಮತ್ತು ರಾಮಗಢ ಕ್ಷೇತ್ರಗಳ ಉಪ ಚುನಾವಣೆಯ ಫಲಿತಾಂಶ ಪ್ರಕಟಗೊಂಡಿದ್ದು, ಕಳೆದ ತಿಂಗಳಷ್ಟೇ ಚುನಾವಣೆ ಕಣಕ್ಕೆ ಇಳಿದಿದ್ದ ಜನ ಸುರಾಜ್ ಪಕ್ಷ ಖಾತೆ ತೆರೆಯುವಲ್ಲಿ ವಿಫಲವಾಗಿದೆ. ಉಪ ಚುನಾವಣೆ ಗೆಲುವಿನೊಂದಿಗೆ ಬಿಜೆಪಿಯ ಮತ್ತು ಮುಖ್ಯಮಂತ್ರಿ ನಿತೀಶ್ ಕುಮಾರ್ ಅವರ ನಾಯಕತ್ವದ ಮೇಲೆ ಜನರ ವಿಶ್ವಾಸ ವ್ಯಕ್ತವಾಗಿದೆ. ಉಪ ಮುಖ್ಯಮಂತ್ರಿ ಸಮ್ರಾಟ್ ಚೌಧರಿ, ಬಿಜೆಪಿಯ ಹಿರಿಯ ನಾಯಕ ಮಂಗಲ್ ಪಾಂಡೆ
ಅವರು ಸಿಎಂ ಅಧಿಕೃತ ನಿವಾಸಕ್ಕೆ ಭೇಟಿ ನೀಡಿ, ಉಪ ಚುನಾವಣೆಯಲ್ಲಿ ಮೈತ್ರಿ ಅಭ್ಯರ್ಥಿಗಳ ಗೆಲುವಿನ ಬಗ್ಗೆ ಸಂತಸ ವಿನಿಮಯ ಮಾಡಿಕೊಂಡರು. ಚುನಾವಣಾ ರಾಜಕೀಯಕ್ಕೆ ಚೊಚ್ಚಲ ಪ್ರವೇಶವಾಗಿದ್ದ ಮಾಜಿ ಚುನಾವಣಾ ತಂತ್ರಗಾರ ಪ್ರಶಾಂತ್ ಕಿಶೋರ್ ಅವರ ಜನ ಸುರಾಜ್ ಪಕ್ಷ ಖಾತೆ ತೆರೆಯುವಲ್ಲಿ ವಿಫಲವಾಗಿದೆ. ವಿವಿಧ ಕಾರಣಾಂತರಗಳಿಂದ ಕೊನೆಯ ಕ್ಷಣದಲ್ಲಿ ಎರಡು ಸ್ಥಾನಗಳಲ್ಲಿ ತಮ್ಮ ಅಭ್ಯರ್ಥಿಗಳನ್ನು ಬದಲಾಯಿಸಿದ್ದ ಜನ ಸುರಾಜ್ ಪಕ್ಷದ ಅಭ್ಯರ್ಥಿಗಳು ಮೂರನೇ ಸ್ಥಾನ ಪಡೆದಿದ್ದಾರೆ. ತರಾರಿ, ಬೆಳಗಂಜ್ ಮತ್ತು ಇಮಾಮ್‌ಗಂಜ್‌ನಲ್ಲಿ ಜನ ಸುರಾಜ್ ಪಕ್ಷದ ಅಭ್ಯರ್ಥಿಗಳಿಗೆ ಅತ್ಯಲ್ಪ ಮತಗಳು ಲಭಿಸಿವೆ. ಪಕ್ಷದ ಅಭ್ಯರ್ಥಿ 37,103 ಮತಗಳನ್ನು ಪಡೆದು ಮೂರನೇ ಸ್ಥಾನಕ್ಕೆ ತೃಪ್ತಿಪಟ್ಟುಕೊಂಡಿದ್ದಾರೆ.
